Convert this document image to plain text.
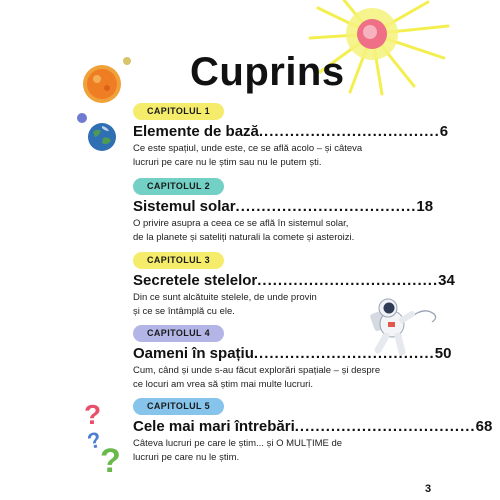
?
?
?
Cuprins
CAPITOLUL 1
Elemente de bază ................................... 6
Ce este spațiul, unde este, ce se află acolo – și câteva
lucruri pe care nu le știm sau nu le putem ști.
CAPITOLUL 2
Sistemul solar ................................... 18
O privire asupra a ceea ce se află în sistemul solar,
de la planete și sateliți naturali la comete și asteroizi.
CAPITOLUL 3
Secretele stelelor ................................... 34
Din ce sunt alcătuite stelele, de unde provin
și ce se întâmplă cu ele.
CAPITOLUL 4
Oameni în spațiu ................................... 50
Cum, când și unde s-au făcut explorări spațiale – și despre
ce locuri am vrea să știm mai multe lucruri.
CAPITOLUL 5
Cele mai mari întrebări ................................... 68
Câteva lucruri pe care le știm... și O MULȚIME de
lucruri pe care nu le știm.
3
